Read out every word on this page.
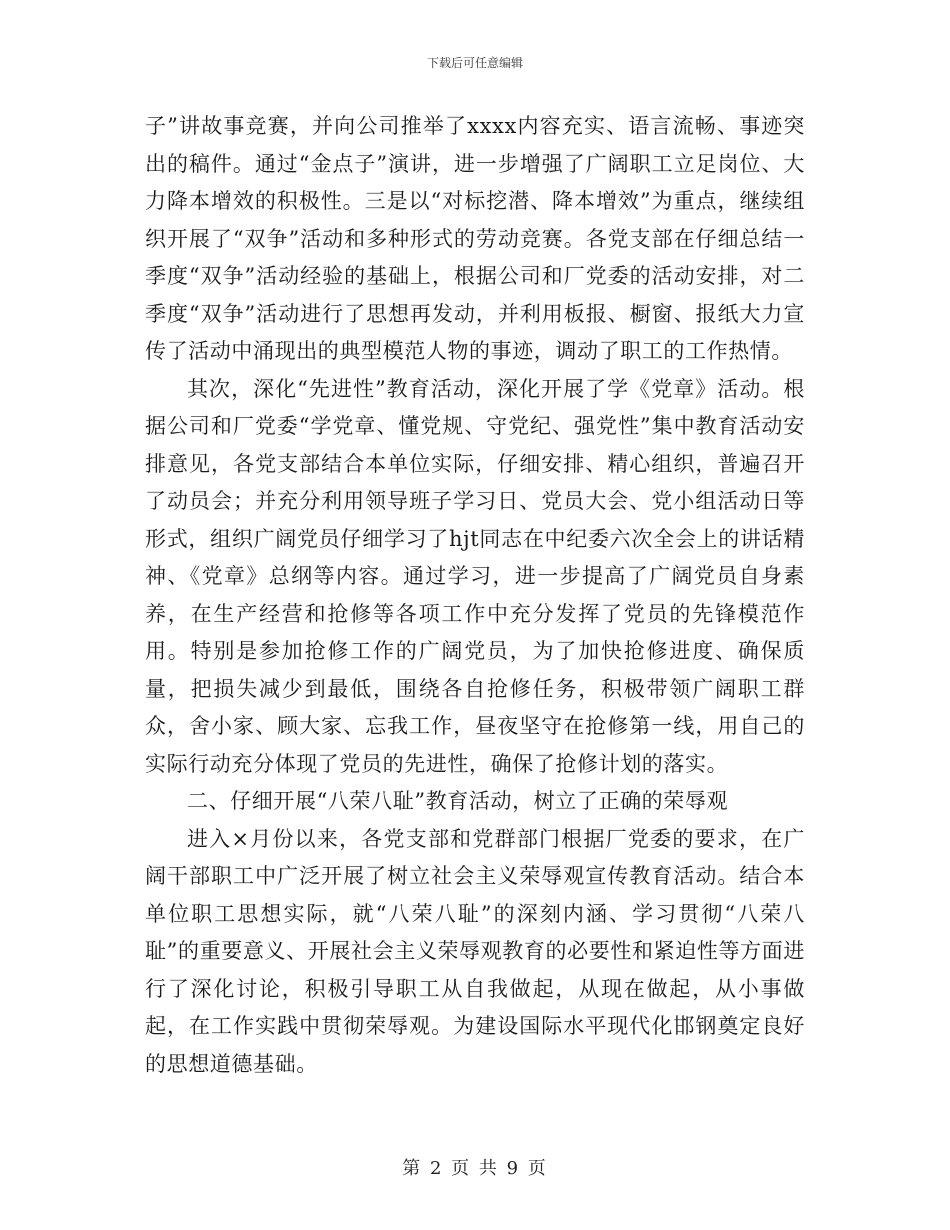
下载后可任意编辑

子”讲故事竞赛，并向公司推举了xxxx内容充实、语言流畅、事迹突出的稿件。通过“金点子”演讲，进一步增强了广阔职工立足岗位、大力降本增效的积极性。三是以“对标挖潜、降本增效”为重点，继续组织开展了“双争”活动和多种形式的劳动竞赛。各党支部在仔细总结一季度“双争”活动经验的基础上，根据公司和厂党委的活动安排，对二季度“双争”活动进行了思想再发动，并利用板报、橱窗、报纸大力宣传了活动中涌现出的典型模范人物的事迹，调动了职工的工作热情。

其次，深化“先进性”教育活动，深化开展了学《党章》活动。根据公司和厂党委“学党章、懂党规、守党纪、强党性”集中教育活动安排意见，各党支部结合本单位实际，仔细安排、精心组织，普遍召开了动员会；并充分利用领导班子学习日、党员大会、党小组活动日等形式，组织广阔党员仔细学习了hjt同志在中纪委六次全会上的讲话精神、《党章》总纲等内容。通过学习，进一步提高了广阔党员自身素养，在生产经营和抢修等各项工作中充分发挥了党员的先锋模范作用。特别是参加抢修工作的广阔党员，为了加快抢修进度、确保质量，把损失减少到最低，围绕各自抢修任务，积极带领广阔职工群众，舍小家、顾大家、忘我工作，昼夜坚守在抢修第一线，用自己的实际行动充分体现了党员的先进性，确保了抢修计划的落实。

二、仔细开展“八荣八耻”教育活动，树立了正确的荣辱观

进入×月份以来，各党支部和党群部门根据厂党委的要求，在广阔干部职工中广泛开展了树立社会主义荣辱观宣传教育活动。结合本单位职工思想实际，就“八荣八耻”的深刻内涵、学习贯彻“八荣八耻”的重要意义、开展社会主义荣辱观教育的必要性和紧迫性等方面进行了深化讨论，积极引导职工从自我做起，从现在做起，从小事做起，在工作实践中贯彻荣辱观。为建设国际水平现代化邯钢奠定良好的思想道德基础。

第 2 页 共 9 页
